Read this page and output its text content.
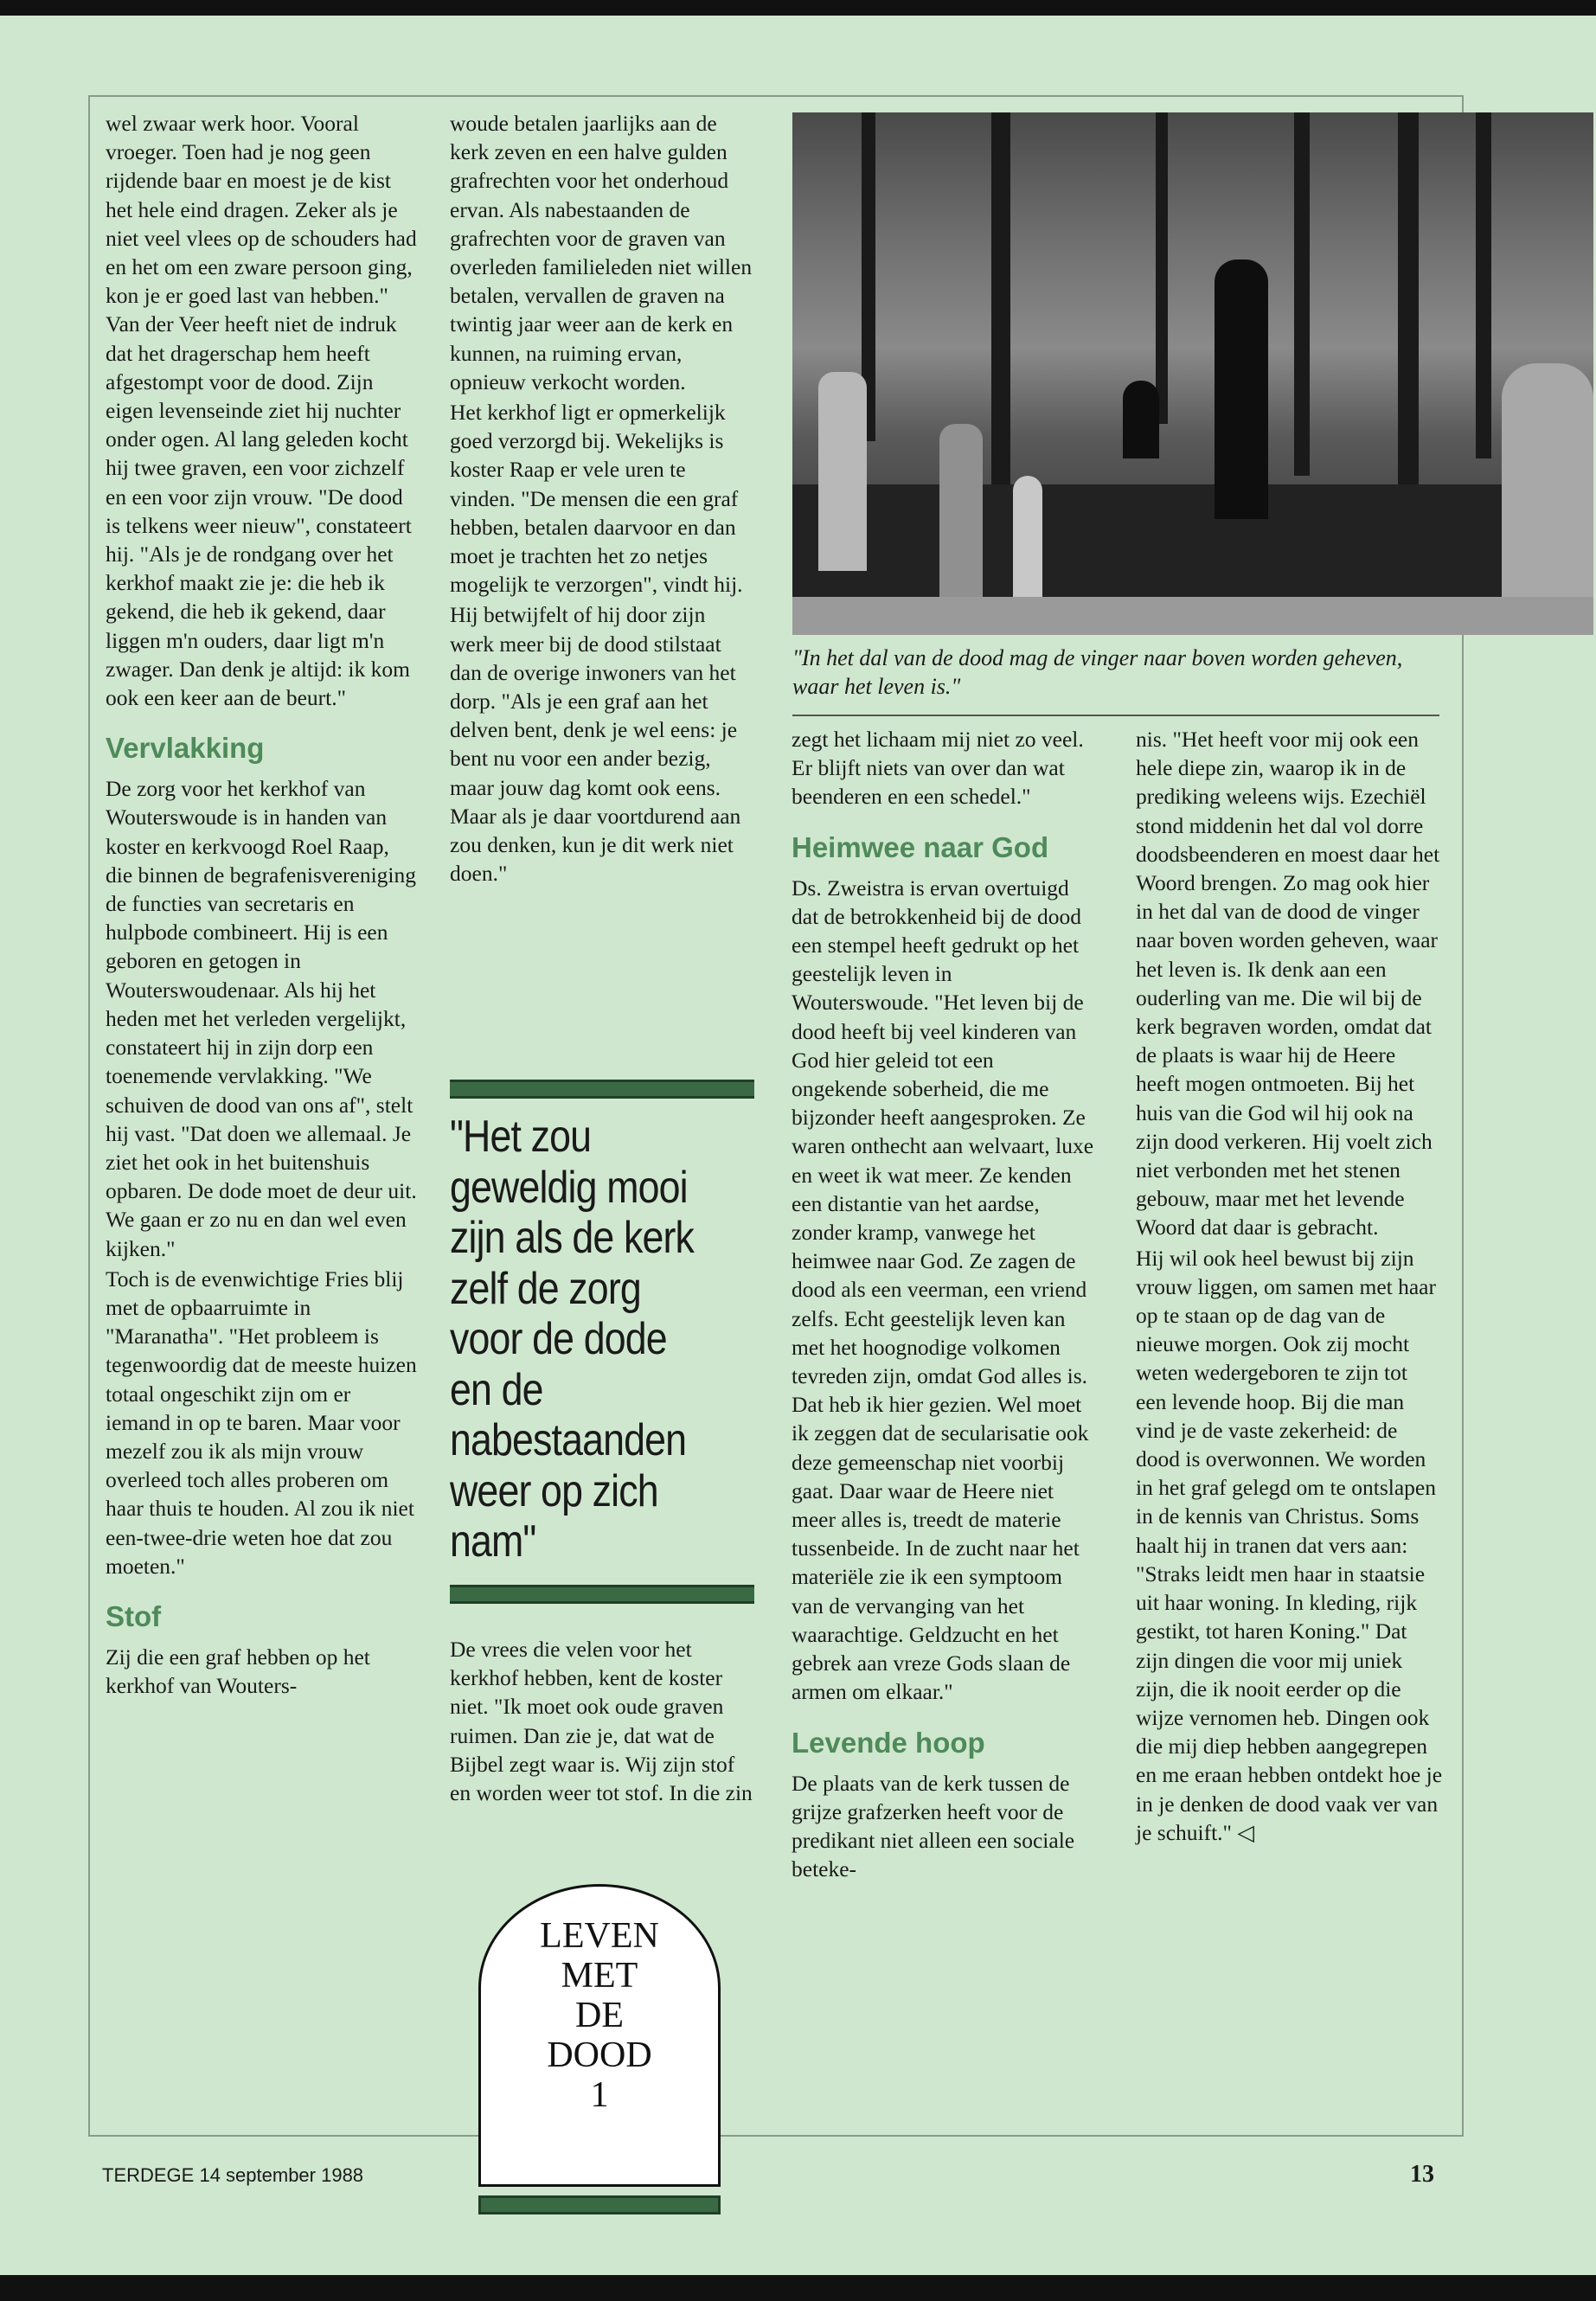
wel zwaar werk hoor. Vooral vroeger. Toen had je nog geen rijdende baar en moest je de kist het hele eind dragen. Zeker als je niet veel vlees op de schouders had en het om een zware persoon ging, kon je er goed last van hebben." Van der Veer heeft niet de indruk dat het dragerschap hem heeft afgestompt voor de dood. Zijn eigen levenseinde ziet hij nuchter onder ogen. Al lang geleden kocht hij twee graven, een voor zichzelf en een voor zijn vrouw. "De dood is telkens weer nieuw", constateert hij. "Als je de rondgang over het kerkhof maakt zie je: die heb ik gekend, die heb ik gekend, daar liggen m'n ouders, daar ligt m'n zwager. Dan denk je altijd: ik kom ook een keer aan de beurt."

Vervlakking

De zorg voor het kerkhof van Wouterswoude is in handen van koster en kerkvoogd Roel Raap, die binnen de begrafenisvereniging de functies van secretaris en hulpbode combineert. Hij is een geboren en getogen in Wouterswoudenaar. Als hij het heden met het verleden vergelijkt, constateert hij in zijn dorp een toenemende vervlakking. "We schuiven de dood van ons af", stelt hij vast. "Dat doen we allemaal. Je ziet het ook in het buitenshuis opbaren. De dode moet de deur uit. We gaan er zo nu en dan wel even kijken."

Toch is de evenwichtige Fries blij met de opbaarruimte in "Maranatha". "Het probleem is tegenwoordig dat de meeste huizen totaal ongeschikt zijn om er iemand in op te baren. Maar voor mezelf zou ik als mijn vrouw overleed toch alles proberen om haar thuis te houden. Al zou ik niet een-twee-drie weten hoe dat zou moeten."

Stof

Zij die een graf hebben op het kerkhof van Wouters-

woude betalen jaarlijks aan de kerk zeven en een halve gulden grafrechten voor het onderhoud ervan. Als nabestaanden de grafrechten voor de graven van overleden familieleden niet willen betalen, vervallen de graven na twintig jaar weer aan de kerk en kunnen, na ruiming ervan, opnieuw verkocht worden.

Het kerkhof ligt er opmerkelijk goed verzorgd bij. Wekelijks is koster Raap er vele uren te vinden. "De mensen die een graf hebben, betalen daarvoor en dan moet je trachten het zo netjes mogelijk te verzorgen", vindt hij.

Hij betwijfelt of hij door zijn werk meer bij de dood stilstaat dan de overige inwoners van het dorp. "Als je een graf aan het delven bent, denk je wel eens: je bent nu voor een ander bezig, maar jouw dag komt ook eens. Maar als je daar voortdurend aan zou denken, kun je dit werk niet doen."

"Het zou geweldig mooi zijn als de kerk zelf de zorg voor de dode en de nabestaanden weer op zich nam"

De vrees die velen voor het kerkhof hebben, kent de koster niet. "Ik moet ook oude graven ruimen. Dan zie je, dat wat de Bijbel zegt waar is. Wij zijn stof en worden weer tot stof. In die zin

"In het dal van de dood mag de vinger naar boven worden geheven, waar het leven is."

zegt het lichaam mij niet zo veel. Er blijft niets van over dan wat beenderen en een schedel."

Heimwee naar God

Ds. Zweistra is ervan overtuigd dat de betrokkenheid bij de dood een stempel heeft gedrukt op het geestelijk leven in Wouterswoude. "Het leven bij de dood heeft bij veel kinderen van God hier geleid tot een ongekende soberheid, die me bijzonder heeft aangesproken. Ze waren onthecht aan welvaart, luxe en weet ik wat meer. Ze kenden een distantie van het aardse, zonder kramp, vanwege het heimwee naar God. Ze zagen de dood als een veerman, een vriend zelfs. Echt geestelijk leven kan met het hoognodige volkomen tevreden zijn, omdat God alles is. Dat heb ik hier gezien. Wel moet ik zeggen dat de secularisatie ook deze gemeenschap niet voorbij gaat. Daar waar de Heere niet meer alles is, treedt de materie tussenbeide. In de zucht naar het materiële zie ik een symptoom van de vervanging van het waarachtige. Geldzucht en het gebrek aan vreze Gods slaan de armen om elkaar."

Levende hoop

De plaats van de kerk tussen de grijze grafzerken heeft voor de predikant niet alleen een sociale beteke-

nis. "Het heeft voor mij ook een hele diepe zin, waarop ik in de prediking weleens wijs. Ezechiël stond middenin het dal vol dorre doodsbeenderen en moest daar het Woord brengen. Zo mag ook hier in het dal van de dood de vinger naar boven worden geheven, waar het leven is. Ik denk aan een ouderling van me. Die wil bij de kerk begraven worden, omdat dat de plaats is waar hij de Heere heeft mogen ontmoeten. Bij het huis van die God wil hij ook na zijn dood verkeren. Hij voelt zich niet verbonden met het stenen gebouw, maar met het levende Woord dat daar is gebracht.

Hij wil ook heel bewust bij zijn vrouw liggen, om samen met haar op te staan op de dag van de nieuwe morgen. Ook zij mocht weten wedergeboren te zijn tot een levende hoop. Bij die man vind je de vaste zekerheid: de dood is overwonnen. We worden in het graf gelegd om te ontslapen in de kennis van Christus. Soms haalt hij in tranen dat vers aan: "Straks leidt men haar in staatsie uit haar woning. In kleding, rijk gestikt, tot haren Koning." Dat zijn dingen die voor mij uniek zijn, die ik nooit eerder op die wijze vernomen heb. Dingen ook die mij diep hebben aangegrepen en me eraan hebben ontdekt hoe je in je denken de dood vaak ver van je schuift." ◁

LEVEN
MET
DE
DOOD
1
TERDEGE 14 september 1988	13
